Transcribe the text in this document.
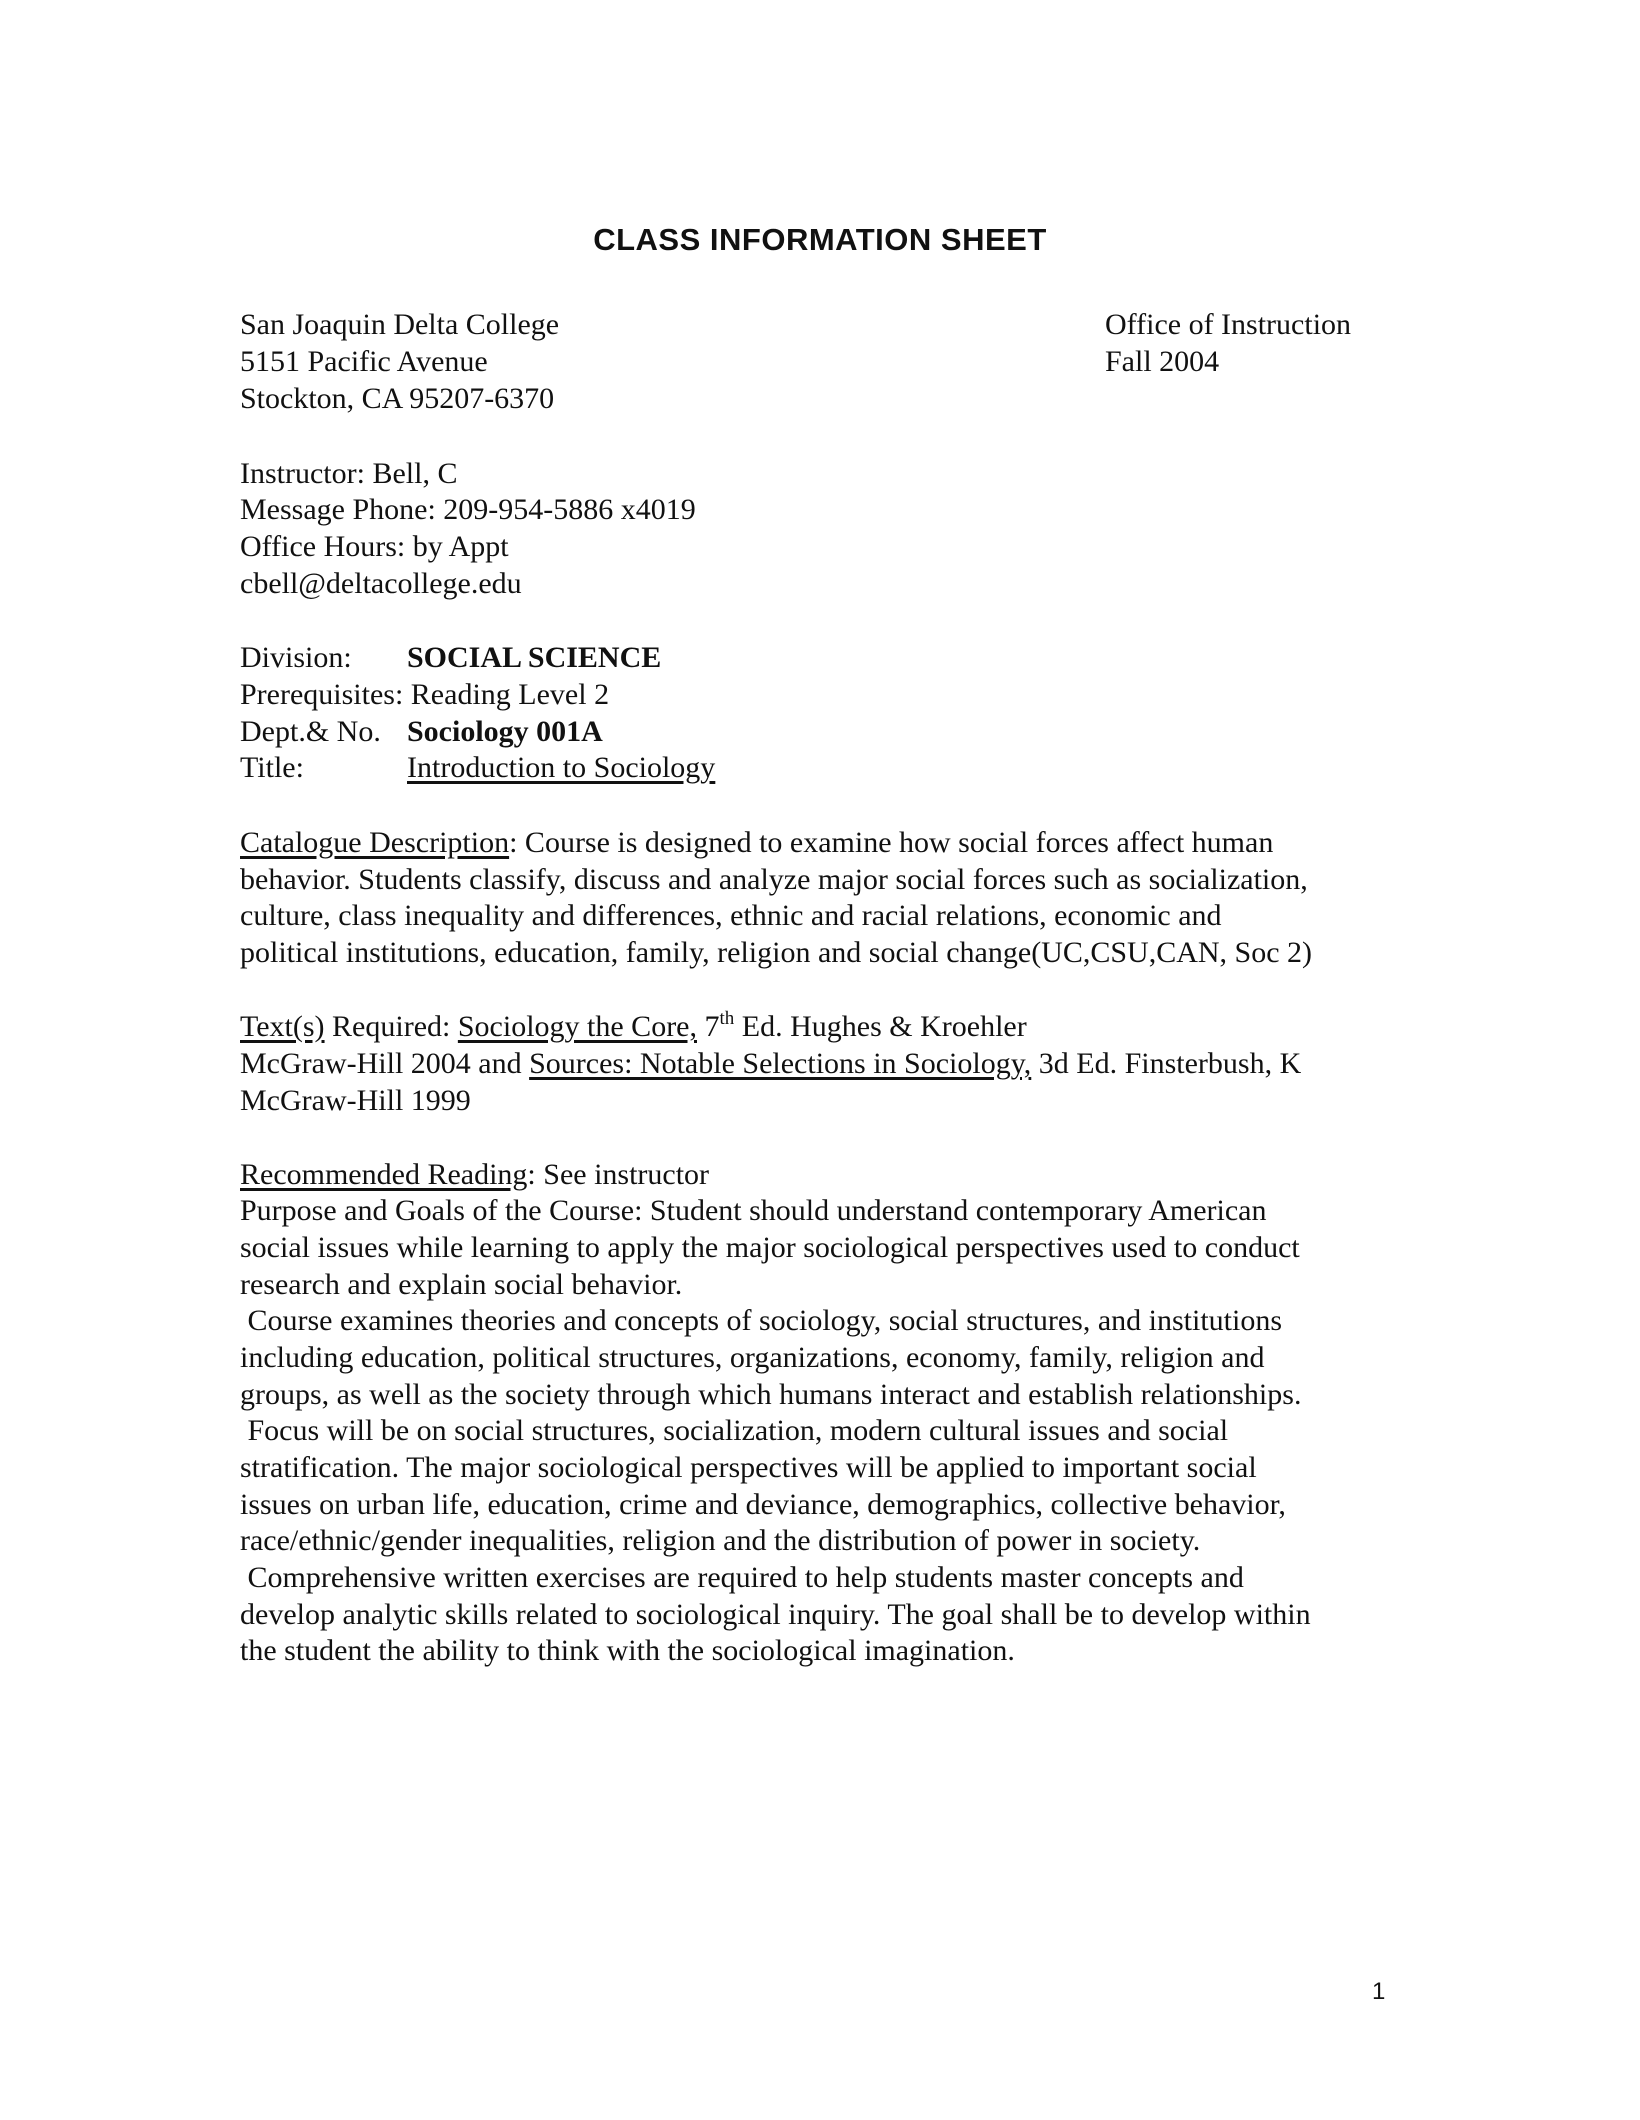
CLASS INFORMATION SHEET
San Joaquin Delta College
5151 Pacific Avenue
Stockton, CA 95207-6370
Office of Instruction
Fall 2004
Instructor: Bell, C
Message Phone: 209-954-5886 x4019
Office Hours: by Appt
cbell@deltacollege.edu
Division: SOCIAL SCIENCE
Prerequisites: Reading Level 2
Dept.& No. Sociology 001A
Title:	Introduction to Sociology
Catalogue Description: Course is designed to examine how social forces affect human
behavior. Students classify, discuss and analyze major social forces such as socialization,
culture, class inequality and differences, ethnic and racial relations, economic and
political institutions, education, family, religion and social change(UC,CSU,CAN, Soc 2)
Text(s) Required: Sociology the Core, 7th Ed. Hughes & Kroehler
McGraw-Hill 2004 and Sources: Notable Selections in Sociology, 3d Ed. Finsterbush, K
McGraw-Hill 1999
Recommended Reading: See instructor
Purpose and Goals of the Course: Student should understand contemporary American
social issues while learning to apply the major sociological perspectives used to conduct
research and explain social behavior.
Course examines theories and concepts of sociology, social structures, and institutions
including education, political structures, organizations, economy, family, religion and
groups, as well as the society through which humans interact and establish relationships.
Focus will be on social structures, socialization, modern cultural issues and social
stratification. The major sociological perspectives will be applied to important social
issues on urban life, education, crime and deviance, demographics, collective behavior,
race/ethnic/gender inequalities, religion and the distribution of power in society.
Comprehensive written exercises are required to help students master concepts and
develop analytic skills related to sociological inquiry. The goal shall be to develop within
the student the ability to think with the sociological imagination.
1
